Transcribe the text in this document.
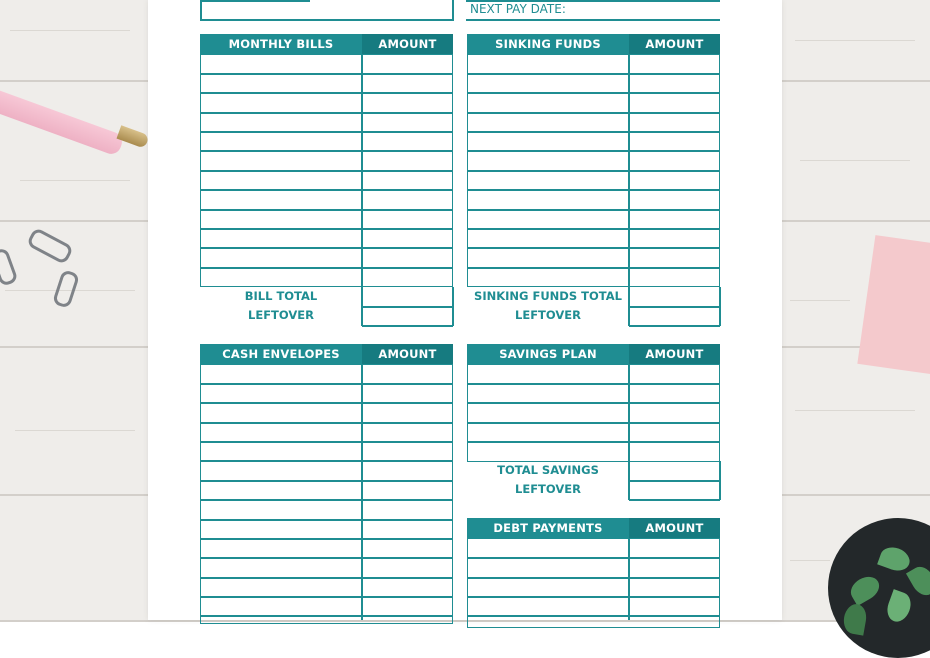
NEXT PAY DATE:
MONTHLY BILLS	AMOUNT
BILL TOTAL
LEFTOVER
SINKING FUNDS	AMOUNT
SINKING FUNDS TOTAL
LEFTOVER
CASH ENVELOPES	AMOUNT	SAVINGS PLAN	AMOUNT
TOTAL SAVINGS
LEFTOVER
DEBT PAYMENTS	AMOUNT
